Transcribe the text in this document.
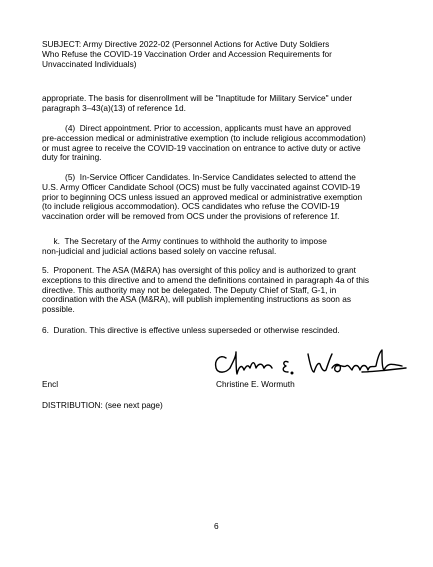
SUBJECT: Army Directive 2022-02 (Personnel Actions for Active Duty Soldiers
Who Refuse the COVID-19 Vaccination Order and Accession Requirements for
Unvaccinated Individuals)
appropriate. The basis for disenrollment will be "Inaptitude for Military Service" under
paragraph 3–43(a)(13) of reference 1d.
(4)  Direct appointment. Prior to accession, applicants must have an approved
pre-accession medical or administrative exemption (to include religious accommodation)
or must agree to receive the COVID-19 vaccination on entrance to active duty or active
duty for training.
(5)  In-Service Officer Candidates. In-Service Candidates selected to attend the
U.S. Army Officer Candidate School (OCS) must be fully vaccinated against COVID-19
prior to beginning OCS unless issued an approved medical or administrative exemption
(to include religious accommodation). OCS candidates who refuse the COVID-19
vaccination order will be removed from OCS under the provisions of reference 1f.
k.  The Secretary of the Army continues to withhold the authority to impose
non-judicial and judicial actions based solely on vaccine refusal.
5.  Proponent. The ASA (M&RA) has oversight of this policy and is authorized to grant
exceptions to this directive and to amend the definitions contained in paragraph 4a of this
directive. This authority may not be delegated. The Deputy Chief of Staff, G-1, in
coordination with the ASA (M&RA), will publish implementing instructions as soon as
possible.
6.  Duration. This directive is effective unless superseded or otherwise rescinded.
Encl	Christine E. Wormuth
DISTRIBUTION: (see next page)
6
